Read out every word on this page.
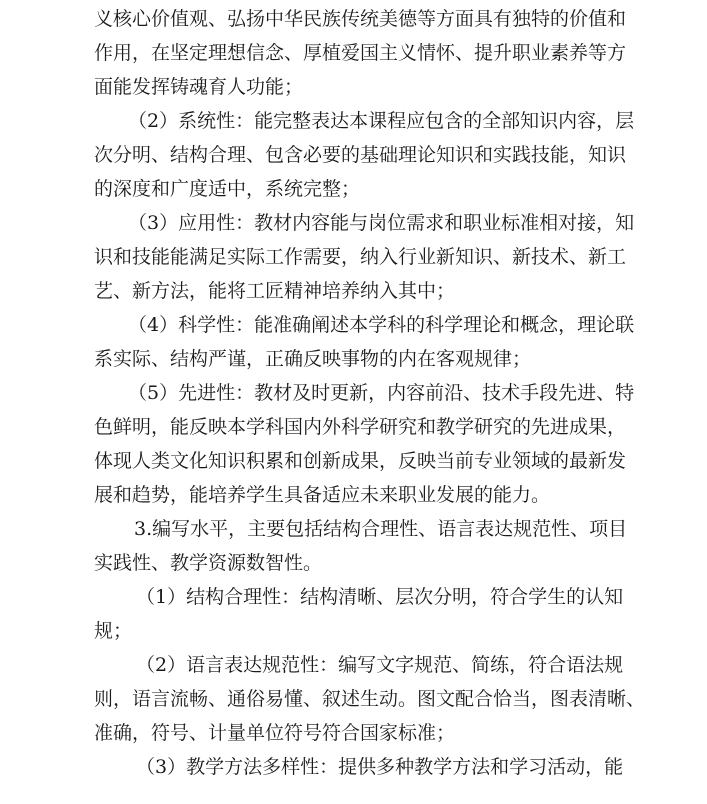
义核心价值观、弘扬中华民族传统美德等方面具有独特的价值和
作用，在坚定理想信念、厚植爱国主义情怀、提升职业素养等方
面能发挥铸魂育人功能；
（2）系统性：能完整表达本课程应包含的全部知识内容，层
次分明、结构合理、包含必要的基础理论知识和实践技能，知识
的深度和广度适中，系统完整；
（3）应用性：教材内容能与岗位需求和职业标准相对接，知
识和技能能满足实际工作需要，纳入行业新知识、新技术、新工
艺、新方法，能将工匠精神培养纳入其中；
（4）科学性：能准确阐述本学科的科学理论和概念，理论联
系实际、结构严谨，正确反映事物的内在客观规律；
（5）先进性：教材及时更新，内容前沿、技术手段先进、特
色鲜明，能反映本学科国内外科学研究和教学研究的先进成果，
体现人类文化知识积累和创新成果，反映当前专业领域的最新发
展和趋势，能培养学生具备适应未来职业发展的能力。
3.编写水平，主要包括结构合理性、语言表达规范性、项目
实践性、教学资源数智性。
（1）结构合理性：结构清晰、层次分明，符合学生的认知
规；
（2）语言表达规范性：编写文字规范、简练，符合语法规
则，语言流畅、通俗易懂、叙述生动。图文配合恰当，图表清晰、
准确，符号、计量单位符号符合国家标准；
（3）教学方法多样性：提供多种教学方法和学习活动，能
